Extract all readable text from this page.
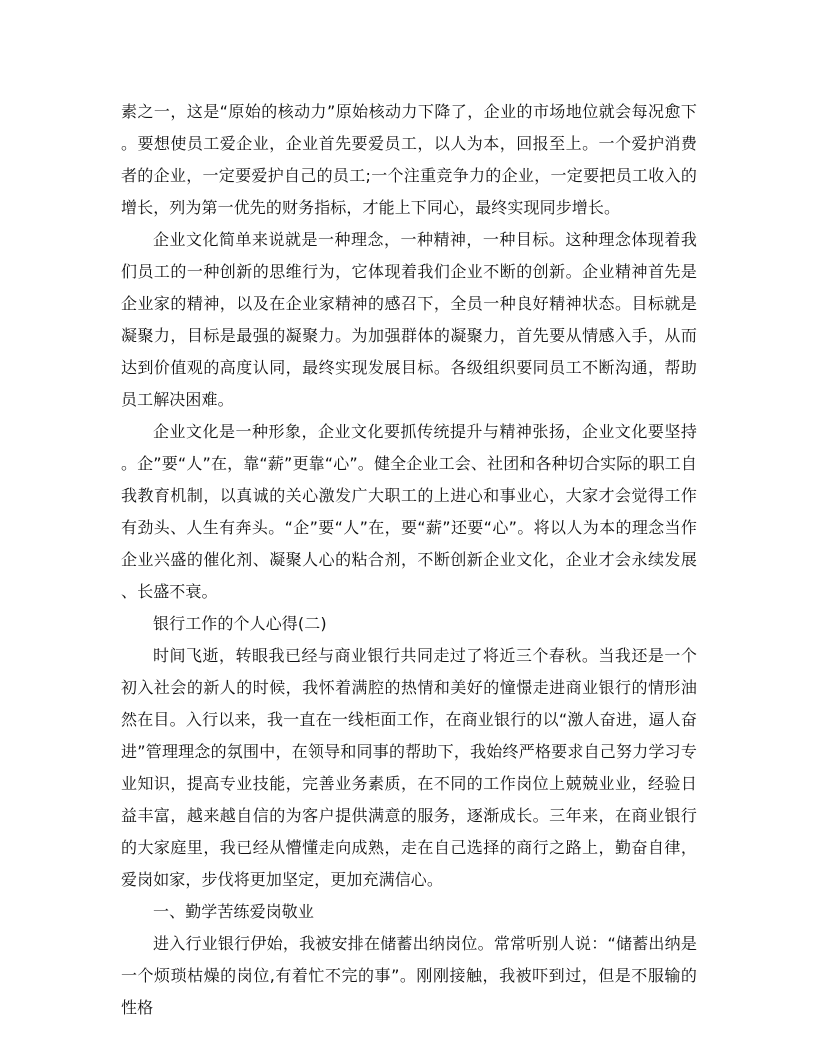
素之一，这是“原始的核动力”原始核动力下降了，企业的市场地位就会每况愈下。要想使员工爱企业，企业首先要爱员工，以人为本，回报至上。一个爱护消费者的企业，一定要爱护自己的员工;一个注重竞争力的企业，一定要把员工收入的增长，列为第一优先的财务指标，才能上下同心，最终实现同步增长。

企业文化简单来说就是一种理念，一种精神，一种目标。这种理念体现着我们员工的一种创新的思维行为，它体现着我们企业不断的创新。企业精神首先是企业家的精神，以及在企业家精神的感召下，全员一种良好精神状态。目标就是凝聚力，目标是最强的凝聚力。为加强群体的凝聚力，首先要从情感入手，从而达到价值观的高度认同，最终实现发展目标。各级组织要同员工不断沟通，帮助员工解决困难。

企业文化是一种形象，企业文化要抓传统提升与精神张扬，企业文化要坚持。企”要“人”在，靠“薪”更靠“心”。健全企业工会、社团和各种切合实际的职工自我教育机制，以真诚的关心激发广大职工的上进心和事业心，大家才会觉得工作有劲头、人生有奔头。“企”要“人”在，要“薪”还要“心”。将以人为本的理念当作企业兴盛的催化剂、凝聚人心的粘合剂，不断创新企业文化，企业才会永续发展、长盛不衰。

银行工作的个人心得(二)

时间飞逝，转眼我已经与商业银行共同走过了将近三个春秋。当我还是一个初入社会的新人的时候，我怀着满腔的热情和美好的憧憬走进商业银行的情形油然在目。入行以来，我一直在一线柜面工作，在商业银行的以“激人奋进，逼人奋进”管理理念的氛围中，在领导和同事的帮助下，我始终严格要求自己努力学习专业知识，提高专业技能，完善业务素质，在不同的工作岗位上兢兢业业，经验日益丰富，越来越自信的为客户提供满意的服务，逐渐成长。三年来，在商业银行的大家庭里，我已经从懵懂走向成熟，走在自己选择的商行之路上，勤奋自律，爱岗如家，步伐将更加坚定，更加充满信心。

一、勤学苦练爱岗敬业

进入行业银行伊始，我被安排在储蓄出纳岗位。常常听别人说：“储蓄出纳是一个烦琐枯燥的岗位,有着忙不完的事”。刚刚接触，我被吓到过，但是不服输的性格
